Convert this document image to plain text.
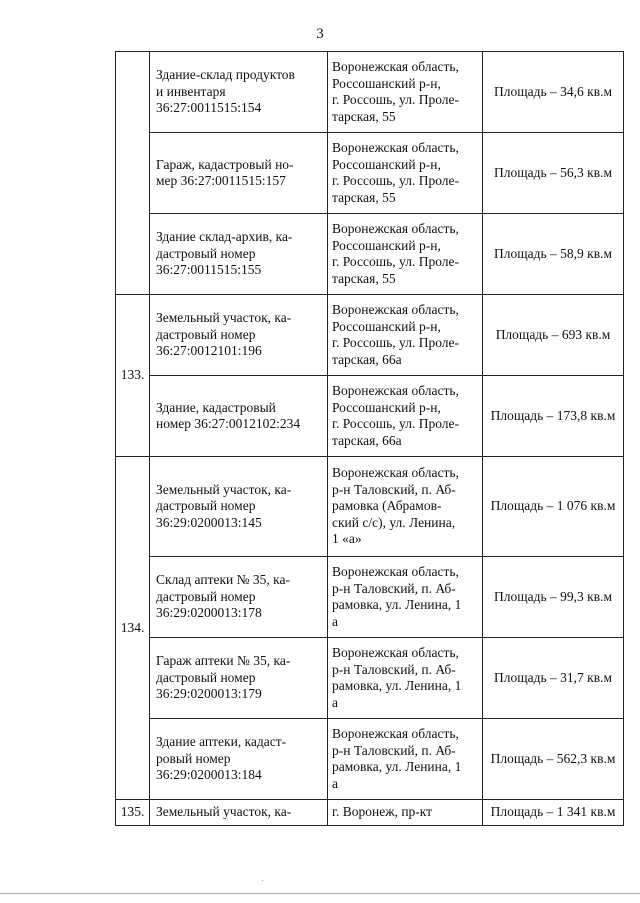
3

	Здание-склад продуктов
и инвентаря
36:27:0011515:154	Воронежская область,
Россошанский р-н,
г. Россошь, ул. Проле-
тарская, 55	Площадь – 34,6 кв.м

	Гараж, кадастровый но-
мер 36:27:0011515:157	Воронежская область,
Россошанский р-н,
г. Россошь, ул. Проле-
тарская, 55	Площадь – 56,3 кв.м

	Здание склад-архив, ка-
дастровый номер
36:27:0011515:155	Воронежская область,
Россошанский р-н,
г. Россошь, ул. Проле-
тарская, 55	Площадь – 58,9 кв.м
133.	Земельный участок, ка-
дастровый номер
36:27:0012101:196	Воронежская область,
Россошанский р-н,
г. Россошь, ул. Проле-
тарская, 66а	Площадь – 693 кв.м

	Здание, кадастровый
номер 36:27:0012102:234	Воронежская область,
Россошанский р-н,
г. Россошь, ул. Проле-
тарская, 66а	Площадь – 173,8 кв.м
134.	Земельный участок, ка-
дастровый номер
36:29:0200013:145	Воронежская область,
р-н Таловский, п. Аб-
рамовка (Абрамов-
ский с/с), ул. Ленина,
1 «а»	Площадь – 1 076 кв.м

	Склад аптеки № 35, ка-
дастровый номер
36:29:0200013:178	Воронежская область,
р-н Таловский, п. Аб-
рамовка, ул. Ленина, 1
а	Площадь – 99,3 кв.м

	Гараж аптеки № 35, ка-
дастровый номер
36:29:0200013:179	Воронежская область,
р-н Таловский, п. Аб-
рамовка, ул. Ленина, 1
а	Площадь – 31,7 кв.м

	Здание аптеки, кадаст-
ровый номер
36:29:0200013:184	Воронежская область,
р-н Таловский, п. Аб-
рамовка, ул. Ленина, 1
а	Площадь – 562,3 кв.м
135.	Земельный участок, ка-	г. Воронеж, пр-кт	Площадь – 1 341 кв.м
